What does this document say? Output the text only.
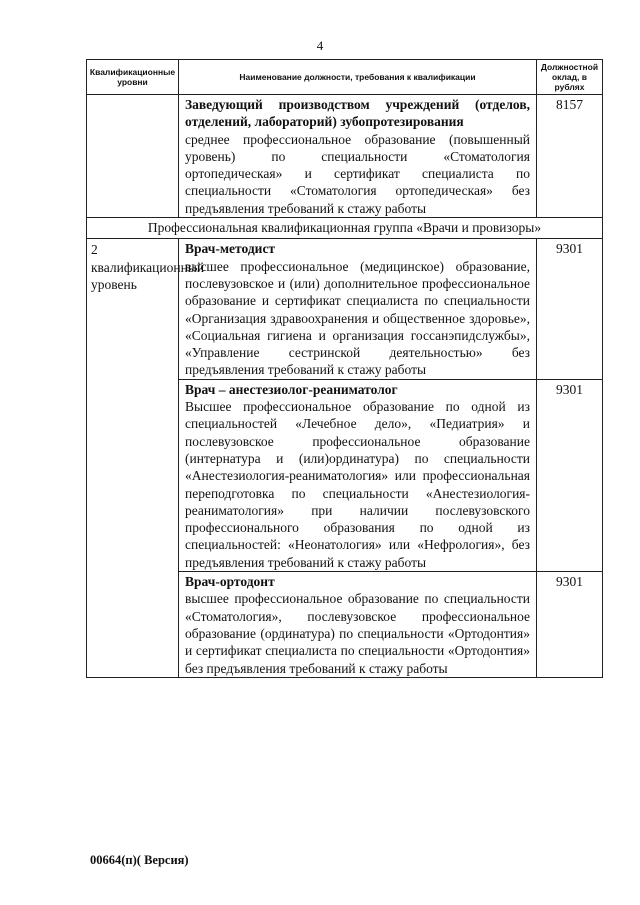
4
Квалификационные уровни	Наименование должности, требования к квалификации	Должностной оклад, в рублях

	Заведующий производством учреждений (отделов, отделений, лабораторий) зубопротезирования
среднее профессиональное образование (повышенный уровень) по специальности «Стоматология ортопедическая» и сертификат специалиста по специальности «Стоматология ортопедическая» без предъявления требований к стажу работы	8157
Профессиональная квалификационная группа «Врачи и провизоры»		
2 квалификационный уровень	Врач-методист
высшее профессиональное (медицинское) образование, послевузовское и (или) дополнительное профессиональное образование и сертификат специалиста по специальности «Организация здравоохранения и общественное здоровье», «Социальная гигиена и организация госсанэпидслужбы», «Управление сестринской деятельностью» без предъявления требований к стажу работы	9301

	Врач – анестезиолог-реаниматолог
Высшее профессиональное образование по одной из специальностей «Лечебное дело», «Педиатрия» и послевузовское профессиональное образование (интернатура и (или)ординатура) по специальности «Анестезиология-реаниматология» или профессиональная переподготовка по специальности «Анестезиология-реаниматология» при наличии послевузовского профессионального образования по одной из специальностей: «Неонатология» или «Нефрология», без предъявления требований к стажу работы	9301

	Врач-ортодонт
высшее профессиональное образование по специальности «Стоматология», послевузовское профессиональное образование (ординатура) по специальности «Ортодонтия» и сертификат специалиста по специальности «Ортодонтия» без предъявления требований к стажу работы	9301
00664(п)( Версия)
